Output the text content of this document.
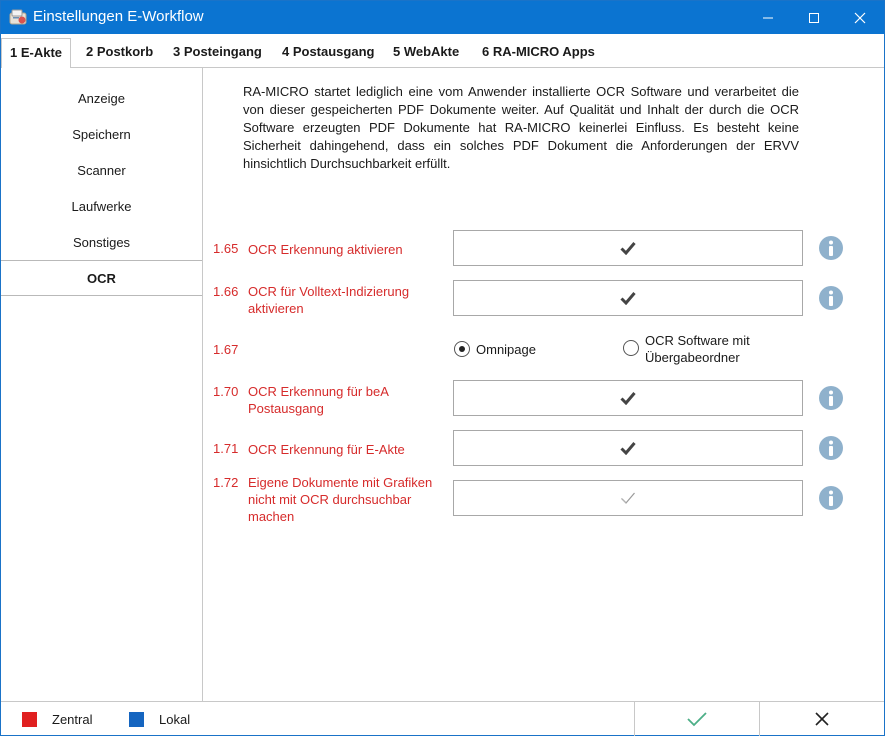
Einstellungen E-Workflow
1 E-Akte	2 Postkorb	3 Posteingang	4 Postausgang	5 WebAkte	6 RA-MICRO Apps
Anzeige
Speichern
Scanner
Laufwerke
Sonstiges
OCR
RA-MICRO startet lediglich eine vom Anwender installierte OCR Software und verarbeitet die von dieser gespeicherten PDF Dokumente weiter. Auf Qualität und Inhalt der durch die OCR Software erzeugten PDF Dokumente hat RA-MICRO keinerlei Einfluss. Es besteht keine Sicherheit dahingehend, dass ein solches PDF Dokument die Anforderungen der ERVV hinsichtlich Durchsuchbarkeit erfüllt.
1.65 OCR Erkennung aktivieren
1.66 OCR für Volltext-Indizierung aktivieren
1.67	Omnipage
OCR Software mit Übergabeordner
1.70 OCR Erkennung für beA Postausgang
1.71 OCR Erkennung für E-Akte
1.72 Eigene Dokumente mit Grafiken nicht mit OCR durchsuchbar machen
Zentral	Lokal
